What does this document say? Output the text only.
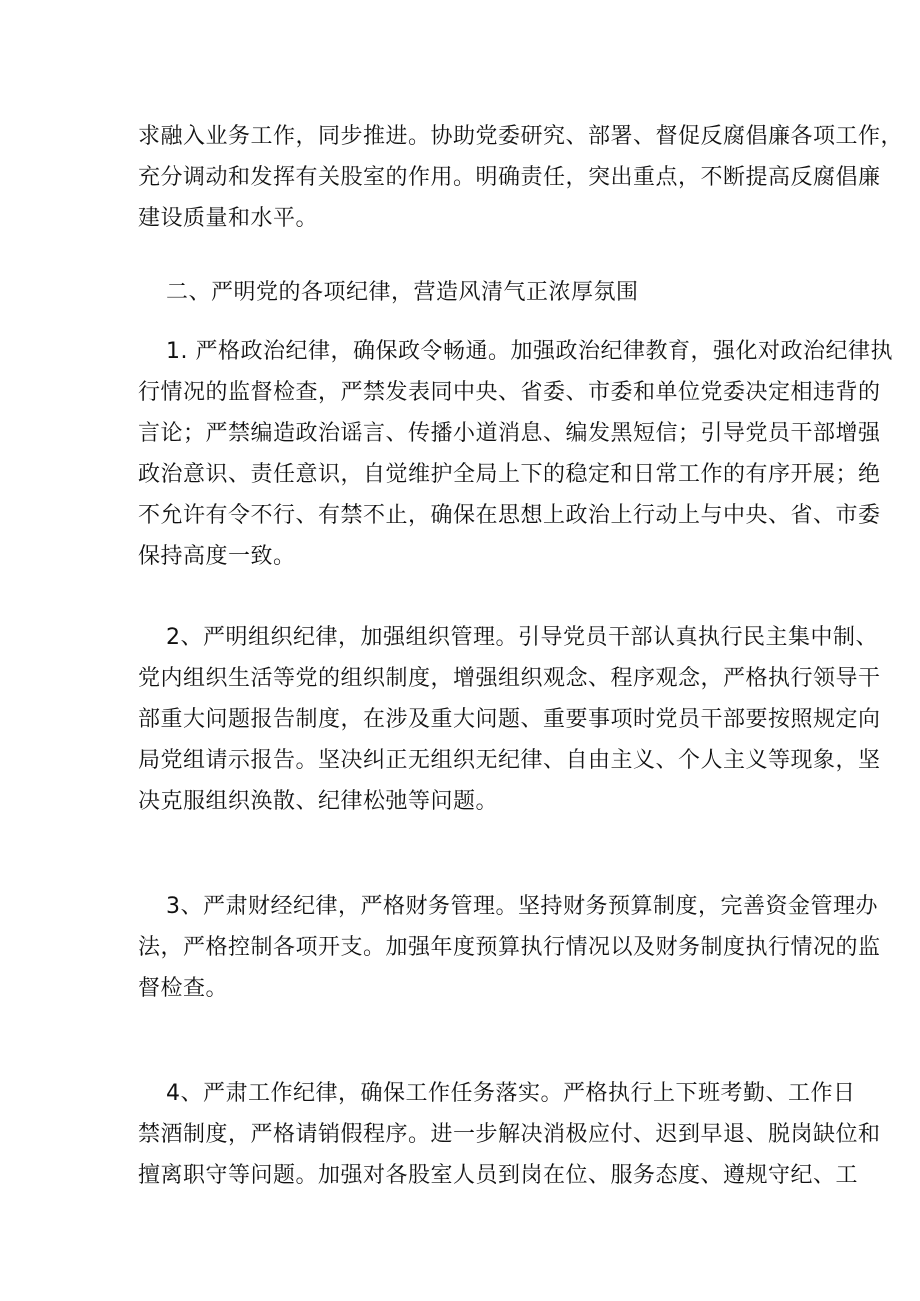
求融入业务工作，同步推进。协助党委研究、部署、督促反腐倡廉各项工作，
充分调动和发挥有关股室的作用。明确责任，突出重点，不断提高反腐倡廉
建设质量和水平。

二、严明党的各项纪律，营造风清气正浓厚氛围

1. 严格政治纪律，确保政令畅通。加强政治纪律教育，强化对政治纪律执
行情况的监督检查，严禁发表同中央、省委、市委和单位党委决定相违背的
言论；严禁编造政治谣言、传播小道消息、编发黑短信；引导党员干部增强
政治意识、责任意识，自觉维护全局上下的稳定和日常工作的有序开展；绝
不允许有令不行、有禁不止，确保在思想上政治上行动上与中央、省、市委
保持高度一致。

2、严明组织纪律，加强组织管理。引导党员干部认真执行民主集中制、
党内组织生活等党的组织制度，增强组织观念、程序观念，严格执行领导干
部重大问题报告制度，在涉及重大问题、重要事项时党员干部要按照规定向
局党组请示报告。坚决纠正无组织无纪律、自由主义、个人主义等现象，坚
决克服组织涣散、纪律松弛等问题。

3、严肃财经纪律，严格财务管理。坚持财务预算制度，完善资金管理办
法，严格控制各项开支。加强年度预算执行情况以及财务制度执行情况的监
督检查。

4、严肃工作纪律，确保工作任务落实。严格执行上下班考勤、工作日
禁酒制度，严格请销假程序。进一步解决消极应付、迟到早退、脱岗缺位和
擅离职守等问题。加强对各股室人员到岗在位、服务态度、遵规守纪、工
